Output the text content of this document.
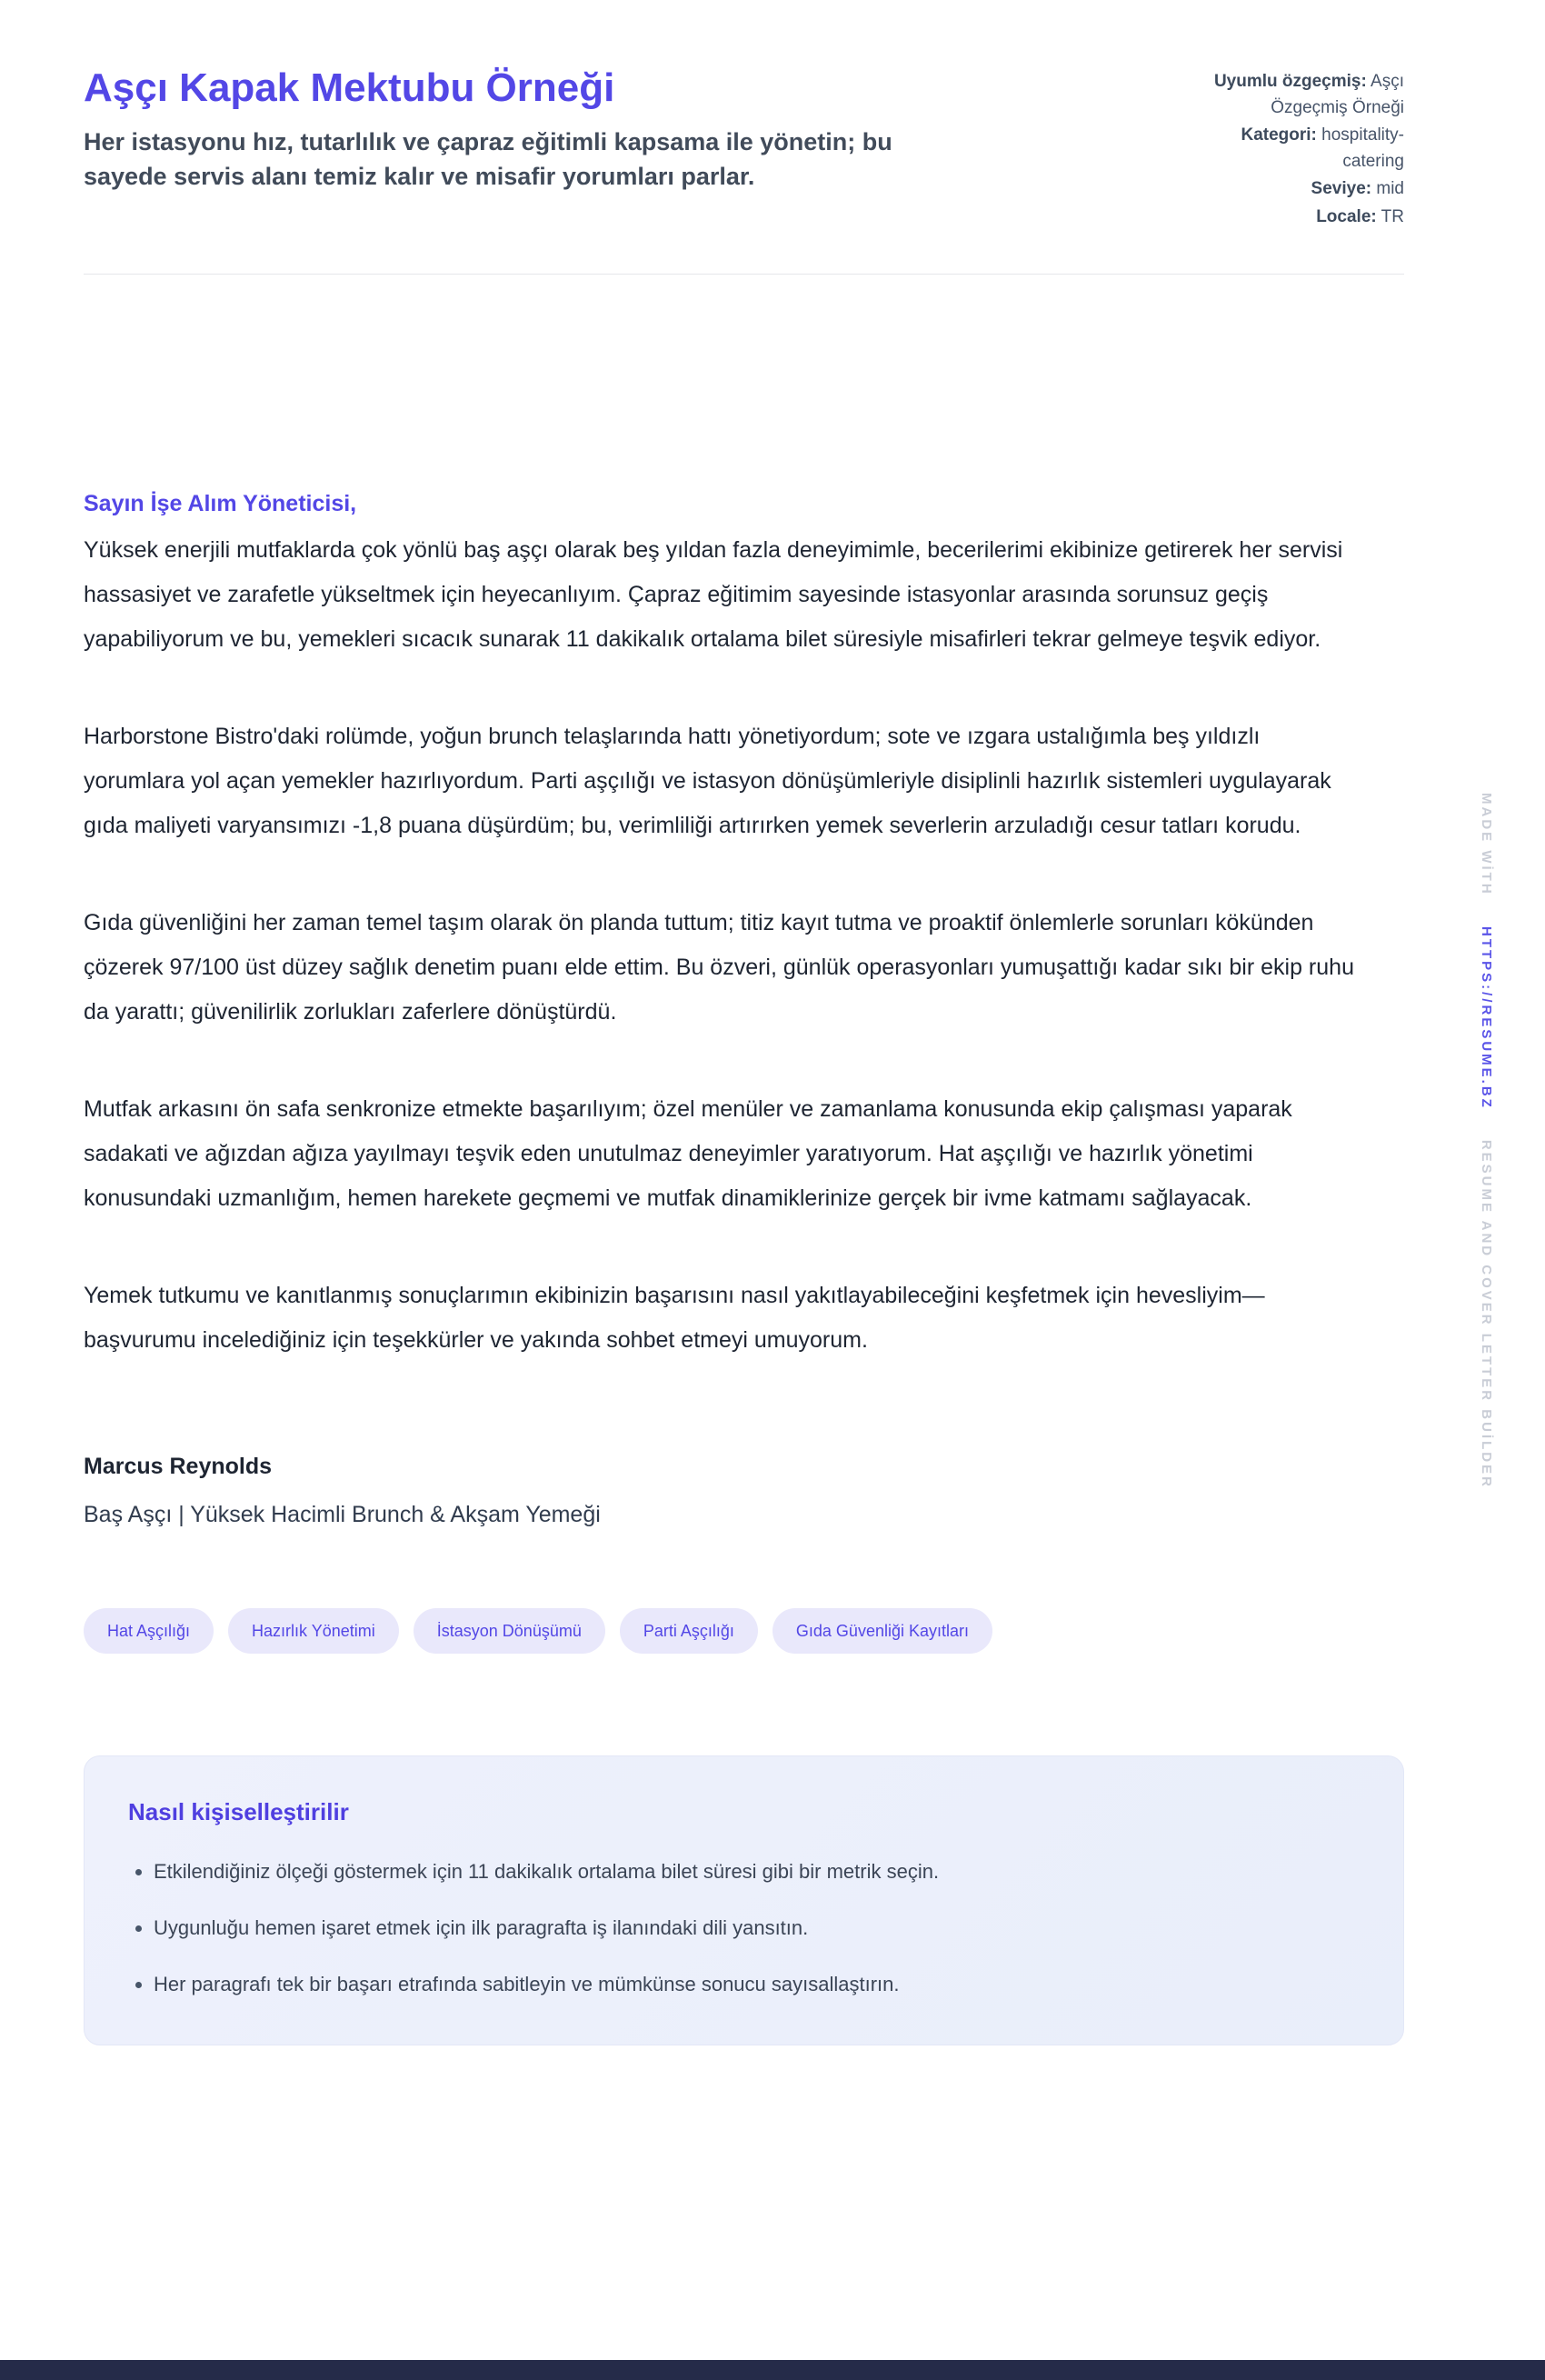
Aşçı Kapak Mektubu Örneği

Her istasyonu hız, tutarlılık ve çapraz eğitimli kapsama ile yönetin; bu sayede servis alanı temiz kalır ve misafir yorumları parlar.

Uyumlu özgeçmiş: Aşçı Özgeçmiş Örneği
Kategori: hospitality-catering
Seviye: mid
Locale: TR

Sayın İşe Alım Yöneticisi,

Yüksek enerjili mutfaklarda çok yönlü baş aşçı olarak beş yıldan fazla deneyimimle, becerilerimi ekibinize getirerek her servisi hassasiyet ve zarafetle yükseltmek için heyecanlıyım. Çapraz eğitimim sayesinde istasyonlar arasında sorunsuz geçiş yapabiliyorum ve bu, yemekleri sıcacık sunarak 11 dakikalık ortalama bilet süresiyle misafirleri tekrar gelmeye teşvik ediyor.

Harborstone Bistro'daki rolümde, yoğun brunch telaşlarında hattı yönetiyordum; sote ve ızgara ustalığımla beş yıldızlı yorumlara yol açan yemekler hazırlıyordum. Parti aşçılığı ve istasyon dönüşümleriyle disiplinli hazırlık sistemleri uygulayarak gıda maliyeti varyansımızı -1,8 puana düşürdüm; bu, verimliliği artırırken yemek severlerin arzuladığı cesur tatları korudu.

Gıda güvenliğini her zaman temel taşım olarak ön planda tuttum; titiz kayıt tutma ve proaktif önlemlerle sorunları kökünden çözerek 97/100 üst düzey sağlık denetim puanı elde ettim. Bu özveri, günlük operasyonları yumuşattığı kadar sıkı bir ekip ruhu da yarattı; güvenilirlik zorlukları zaferlere dönüştürdü.

Mutfak arkasını ön safa senkronize etmekte başarılıyım; özel menüler ve zamanlama konusunda ekip çalışması yaparak sadakati ve ağızdan ağıza yayılmayı teşvik eden unutulmaz deneyimler yaratıyorum. Hat aşçılığı ve hazırlık yönetimi konusundaki uzmanlığım, hemen harekete geçmemi ve mutfak dinamiklerinize gerçek bir ivme katmamı sağlayacak.

Yemek tutkumu ve kanıtlanmış sonuçlarımın ekibinizin başarısını nasıl yakıtlayabileceğini keşfetmek için hevesliyim—başvurumu incelediğiniz için teşekkürler ve yakında sohbet etmeyi umuyorum.

Marcus Reynolds

Baş Aşçı | Yüksek Hacimli Brunch & Akşam Yemeği

Hat Aşçılığı	Hazırlık Yönetimi	İstasyon Dönüşümü	Parti Aşçılığı	Gıda Güvenliği Kayıtları
Nasıl kişiselleştirilir
• Etkilendiğiniz ölçeği göstermek için 11 dakikalık ortalama bilet süresi gibi bir metrik seçin.
• Uygunluğu hemen işaret etmek için ilk paragrafta iş ilanındaki dili yansıtın.
• Her paragrafı tek bir başarı etrafında sabitleyin ve mümkünse sonucu sayısallaştırın.
MADE WİTH HTTPS://RESUME.BZ RESUME AND COVER LETTER BUİLDER
